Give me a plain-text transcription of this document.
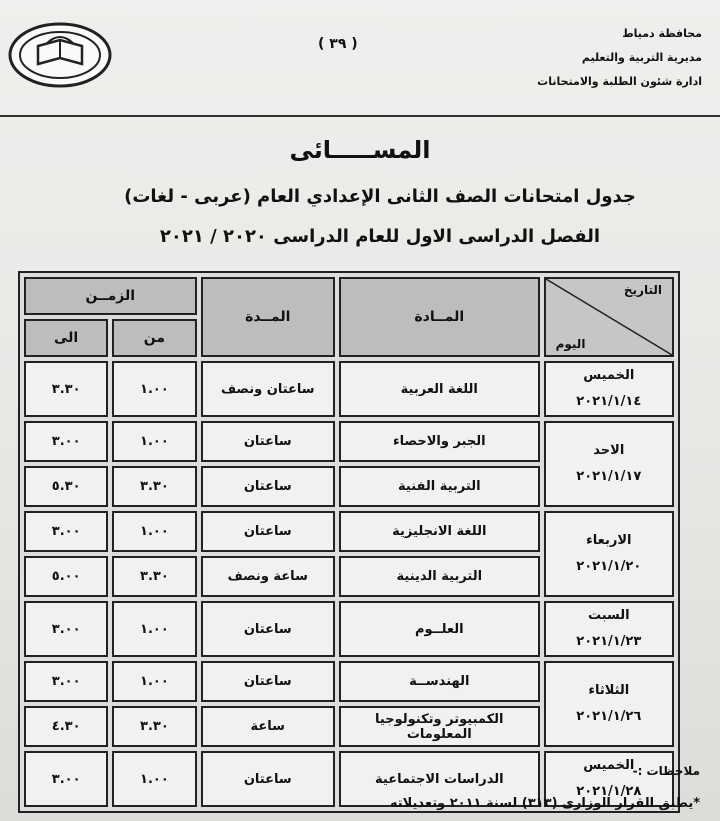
محافظة دمياط
مديرية التربية والتعليم
ادارة شئون الطلبة والامتحانات
( ٣٩ )
المســـــائى
جدول امتحانات الصف الثانى الإعدادي العام (عربى - لغات)
الفصل الدراسى الاول للعام الدراسى ٢٠٢٠ / ٢٠٢١
التاريخ
اليوم	المــادة	المــدة	الزمــن	
			من	الى

الخميس
٢٠٢١/١/١٤	اللغة العربية	ساعتان ونصف	١.٠٠	٣.٣٠

الاحد
٢٠٢١/١/١٧	الجبر والاحصاء	ساعتان	١.٠٠	٣.٠٠
	التربية الفنية	ساعتان	٣.٣٠	٥.٣٠

الاربعاء
٢٠٢١/١/٢٠	اللغة الانجليزية	ساعتان	١.٠٠	٣.٠٠
	التربية الدينية	ساعة ونصف	٣.٣٠	٥.٠٠

السبت
٢٠٢١/١/٢٣	العلــوم	ساعتان	١.٠٠	٣.٠٠

الثلاثاء
٢٠٢١/١/٢٦	الهندســة	ساعتان	١.٠٠	٣.٠٠
	الكمبيوتر وتكنولوجيا المعلومات	ساعة	٣.٣٠	٤.٣٠

الخميس
٢٠٢١/١/٢٨	الدراسات الاجتماعية	ساعتان	١.٠٠	٣.٠٠
ملاحظات :-
*يطبق القرار الوزارى (٣١٣) لسنة ٢٠١١ وتعديلاته
